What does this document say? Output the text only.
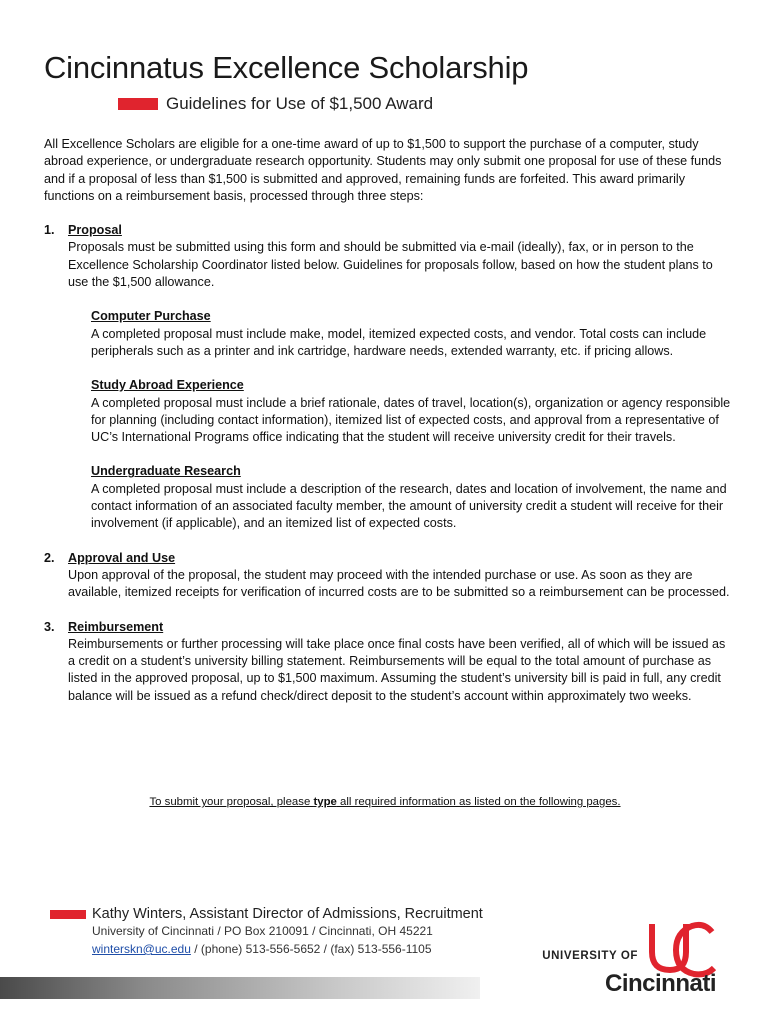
Cincinnatus Excellence Scholarship
Guidelines for Use of $1,500 Award

All Excellence Scholars are eligible for a one-time award of up to $1,500 to support the purchase of a computer, study abroad experience, or undergraduate research opportunity. Students may only submit one proposal for use of these funds and if a proposal of less than $1,500 is submitted and approved, remaining funds are forfeited. This award primarily functions on a reimbursement basis, processed through three steps:

1.	Proposal

Proposals must be submitted using this form and should be submitted via e-mail (ideally), fax, or in person to the Excellence Scholarship Coordinator listed below. Guidelines for proposals follow, based on how the student plans to use the $1,500 allowance.

Computer Purchase

A completed proposal must include make, model, itemized expected costs, and vendor. Total costs can include peripherals such as a printer and ink cartridge, hardware needs, extended warranty, etc. if pricing allows.

Study Abroad Experience

A completed proposal must include a brief rationale, dates of travel, location(s), organization or agency responsible for planning (including contact information), itemized list of expected costs, and approval from a representative of UC’s International Programs office indicating that the student will receive university credit for their travels.

Undergraduate Research

A completed proposal must include a description of the research, dates and location of involvement, the name and contact information of an associated faculty member, the amount of university credit a student will receive for their involvement (if applicable), and an itemized list of expected costs.

2.	Approval and Use

Upon approval of the proposal, the student may proceed with the intended purchase or use. As soon as they are available, itemized receipts for verification of incurred costs are to be submitted so a reimbursement can be processed.

3.	Reimbursement

Reimbursements or further processing will take place once final costs have been verified, all of which will be issued as a credit on a student’s university billing statement. Reimbursements will be equal to the total amount of purchase as listed in the approved proposal, up to $1,500 maximum. Assuming the student’s university bill is paid in full, any credit balance will be issued as a refund check/direct deposit to the student’s account within approximately two weeks.

To submit your proposal, please type all required information as listed on the following pages.
Kathy Winters, Assistant Director of Admissions, Recruitment
University of Cincinnati / PO Box 210091 / Cincinnati, OH 45221
winterskn@uc.edu / (phone) 513-556-5652 / (fax) 513-556-1105	UNIVERSITY OF
Cincinnati
